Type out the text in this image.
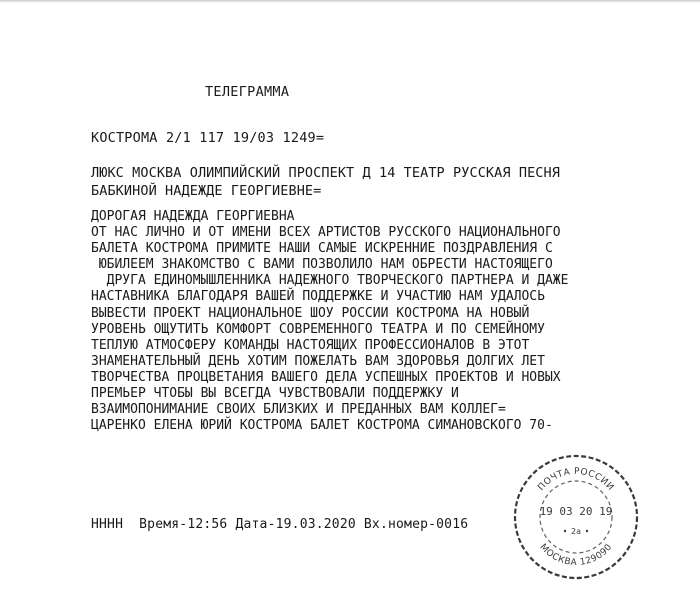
ТЕЛЕГРАММА
КОСТРОМА 2/1 117 19/03 1249=
ЛЮКС МОСКВА ОЛИМПИЙСКИЙ ПРОСПЕКТ Д 14 ТЕАТР РУССКАЯ ПЕСНЯ
БАБКИНОЙ НАДЕЖДЕ ГЕОРГИЕВНЕ=
ДОРОГАЯ НАДЕЖДА ГЕОРГИЕВНА
ОТ НАС ЛИЧНО И ОТ ИМЕНИ ВСЕХ АРТИСТОВ РУССКОГО НАЦИОНАЛЬНОГО
БАЛЕТА КОСТРОМА ПРИМИТЕ НАШИ САМЫЕ ИСКРЕННИЕ ПОЗДРАВЛЕНИЯ С
ЮБИЛЕЕМ ЗНАКОМСТВО С ВАМИ ПОЗВОЛИЛО НАМ ОБРЕСТИ НАСТОЯЩЕГО
ДРУГА ЕДИНОМЫШЛЕННИКА НАДЕЖНОГО ТВОРЧЕСКОГО ПАРТНЕРА И ДАЖЕ
НАСТАВНИКА БЛАГОДАРЯ ВАШЕЙ ПОДДЕРЖКЕ И УЧАСТИЮ НАМ УДАЛОСЬ
ВЫВЕСТИ ПРОЕКТ НАЦИОНАЛЬНОЕ ШОУ РОССИИ КОСТРОМА НА НОВЫЙ
УРОВЕНЬ ОЩУТИТЬ КОМФОРТ СОВРЕМЕННОГО ТЕАТРА И ПО СЕМЕЙНОМУ
ТЕПЛУЮ АТМОСФЕРУ КОМАНДЫ НАСТОЯЩИХ ПРОФЕССИОНАЛОВ В ЭТОТ
ЗНАМЕНАТЕЛЬНЫЙ ДЕНЬ ХОТИМ ПОЖЕЛАТЬ ВАМ ЗДОРОВЬЯ ДОЛГИХ ЛЕТ
ТВОРЧЕСТВА ПРОЦВЕТАНИЯ ВАШЕГО ДЕЛА УСПЕШНЫХ ПРОЕКТОВ И НОВЫХ
ПРЕМЬЕР ЧТОБЫ ВЫ ВСЕГДА ЧУВСТВОВАЛИ ПОДДЕРЖКУ И
ВЗАИМОПОНИМАНИЕ СВОИХ БЛИЗКИХ И ПРЕДАННЫХ ВАМ КОЛЛЕГ=
ЦАРЕНКО ЕЛЕНА ЮРИЙ КОСТРОМА БАЛЕТ КОСТРОМА СИМАНОВСКОГО 70-
НННН  Время-12:56 Дата-19.03.2020 Вх.номер-0016
ПОЧТА РОССИИ
МОСКВА 129090
19 03 20 19
2а
